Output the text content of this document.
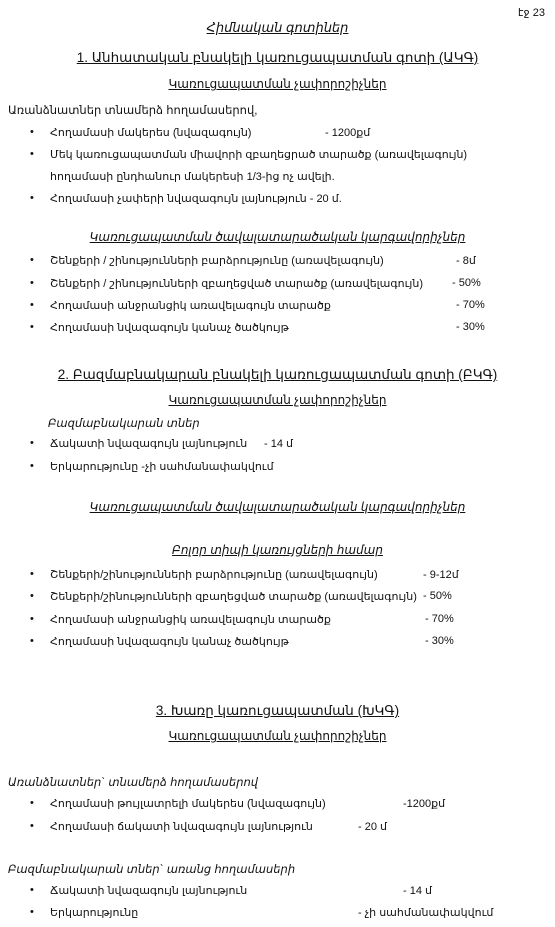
էջ 23
Հիմնական գոտիներ
1. Անհատական բնակելի կառուցապատման գոտի (ԱԿԳ)
Կառուցապատման չափորոշիչներ
Առանձնատներ տնամերձ հողամասերով,
• Հողամասի մակերես (նվազագույն)	- 1200քմ
• Մեկ կառուցապատման միավորի զբաղեցրած տարածք (առավելագույն)
հողամասի ընդհանուր մակերեսի 1/3-ից ոչ ավելի.
• Հողամասի չափերի նվազագույն լայնություն - 20 մ.
Կառուցապատման ծավալատարածական կարգավորիչներ
• Շենքերի / շինությունների բարձրությունը (առավելագույն)	- 8մ
• Շենքերի / շինությունների զբաղեցված տարածք (առավելագույն)	- 50%
• Հողամասի անջրանցիկ առավելագույն տարածք	- 70%
• Հողամասի նվազագույն կանաչ ծածկույթ	- 30%
2. Բազմաբնակարան բնակելի կառուցապատման գոտի (ԲԿԳ)
Կառուցապատման չափորոշիչներ
Բազմաբնակարան տներ
• Ճակատի նվազագույն լայնություն - 14 մ
• Երկարությունը -չի սահմանափակվում
Կառուցապատման ծավալատարածական կարգավորիչներ
Բոլոր տիպի կառույցների համար
• Շենքերի/շինությունների բարձրությունը (առավելագույն)	- 9-12մ
• Շենքերի/շինությունների զբաղեցված տարածք (առավելագույն) - 50%
• Հողամասի անջրանցիկ առավելագույն տարածք	- 70%
• Հողամասի նվազագույն կանաչ ծածկույթ	- 30%
3. Խառը կառուցապատման (ԽԿԳ)
Կառուցապատման չափորոշիչներ
Առանձնատներ` տնամերձ հողամասերով
• Հողամասի թույլատրելի մակերես (նվազագույն)	-1200քմ
• Հողամասի ճակատի նվազագույն լայնություն	- 20 մ
Բազմաբնակարան տներ` առանց հողամասերի
• Ճակատի նվազագույն լայնություն	- 14 մ
• Երկարությունը	- չի սահմանափակվում
